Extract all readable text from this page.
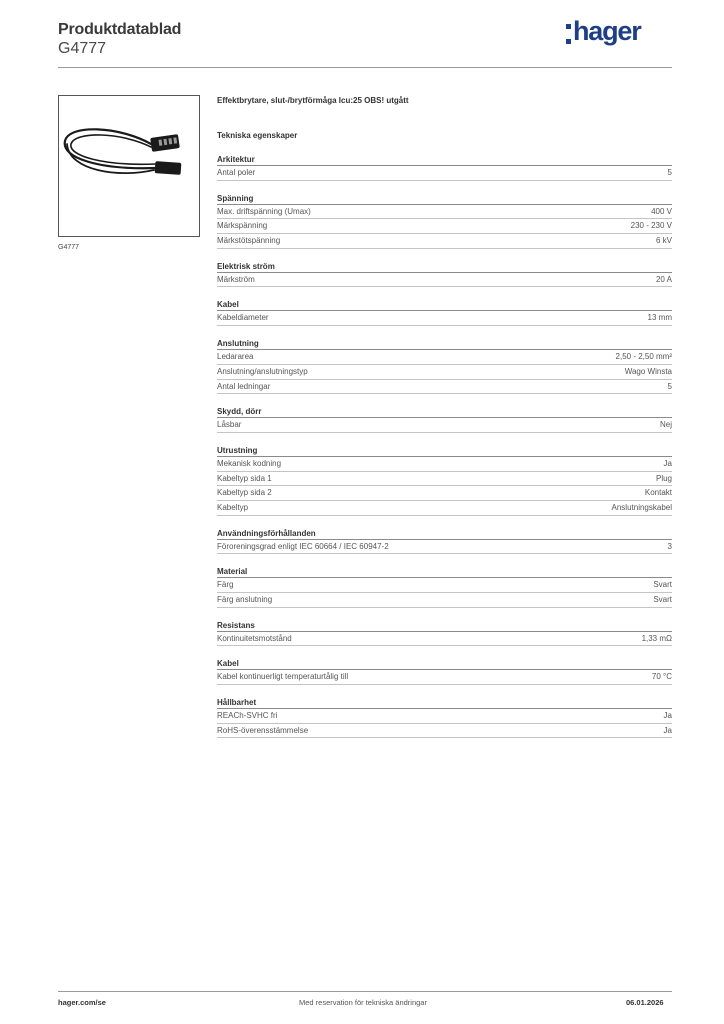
Produktdatablad
G4777
hager
G4777
Effektbrytare, slut-/brytförmåga Icu:25 OBS! utgått
Tekniska egenskaper
Arkitektur
Antal poler	5
Spänning
Max. driftspänning (Umax)	400 V
Märkspänning	230 - 230 V
Märkstötspänning	6 kV
Elektrisk ström
Märkström	20 A
Kabel
Kabeldiameter	13 mm
Anslutning
Ledararea	2,50 - 2,50 mm²
Anslutning/anslutningstyp	Wago Winsta
Antal ledningar	5
Skydd, dörr
Låsbar	Nej
Utrustning
Mekanisk kodning	Ja
Kabeltyp sida 1	Plug
Kabeltyp sida 2	Kontakt
Kabeltyp	Anslutningskabel
Användningsförhållanden
Föroreningsgrad enligt IEC 60664 / IEC 60947-2	3
Material
Färg	Svart
Färg anslutning	Svart
Resistans
Kontinuitetsmotstånd	1,33 mΩ
Kabel
Kabel kontinuerligt temperaturtålig till	70 °C
Hållbarhet
REACh-SVHC fri	Ja
RoHS-överensstämmelse	Ja
hager.com/se	Med reservation för tekniska ändringar	06.01.2026
